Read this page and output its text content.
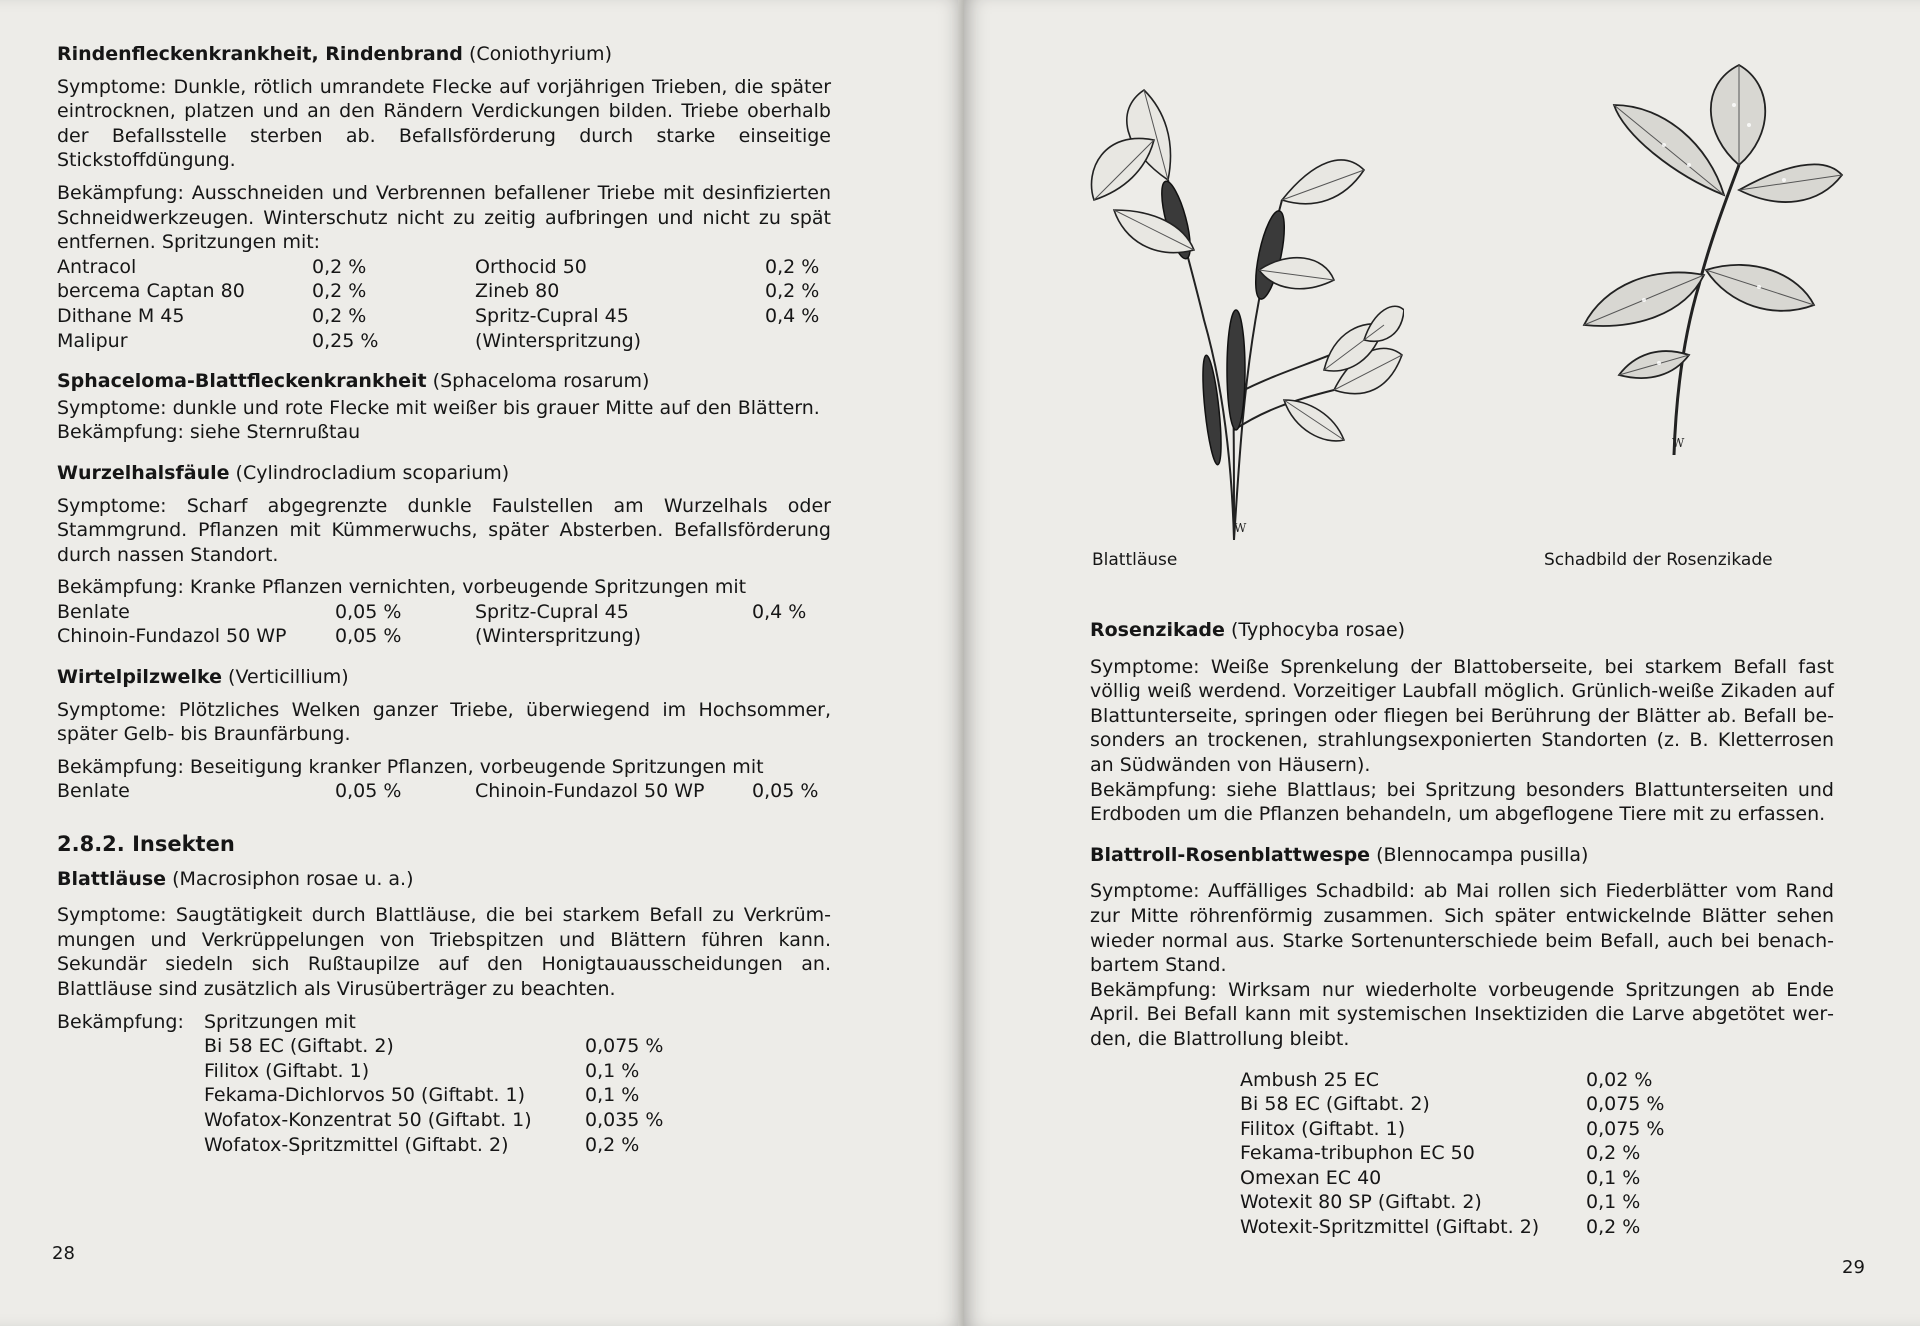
Rindenfleckenkrankheit, Rindenbrand (Coniothyrium)

Symptome: Dunkle, rötlich umrandete Flecke auf vorjährigen Trieben, die später eintrocknen, platzen und an den Rändern Verdickungen bilden. Triebe oberhalb der Befallsstelle sterben ab. Befallsförderung durch starke einseitige Stickstoffdüngung.

Bekämpfung: Ausschneiden und Verbrennen befallener Triebe mit desinfizierten Schneidwerkzeugen. Winterschutz nicht zu zeitig aufbringen und nicht zu spät entfernen. Spritzungen mit:

Antracol	0,2 %	Orthocid 50	0,2 %
bercema Captan 80	0,2 %	Zineb 80	0,2 %
Dithane M 45	0,2 %	Spritz-Cupral 45	0,4 %
Malipur	0,25 %	(Winterspritzung)
Sphaceloma-Blattfleckenkrankheit (Sphaceloma rosarum)

Symptome: dunkle und rote Flecke mit weißer bis grauer Mitte auf den Blättern.

Bekämpfung: siehe Sternrußtau

Wurzelhalsfäule (Cylindrocladium scoparium)

Symptome: Scharf abgegrenzte dunkle Faulstellen am Wurzelhals oder Stammgrund. Pflanzen mit Kümmerwuchs, später Absterben. Befallsförderung durch nassen Standort.

Bekämpfung: Kranke Pflanzen vernichten, vorbeugende Spritzungen mit

Benlate	0,05 %	Spritz-Cupral 45	0,4 %
Chinoin-Fundazol 50 WP	0,05 %	(Winterspritzung)
Wirtelpilzwelke (Verticillium)

Symptome: Plötzliches Welken ganzer Triebe, überwiegend im Hochsommer, später Gelb- bis Braunfärbung.

Bekämpfung: Beseitigung kranker Pflanzen, vorbeugende Spritzungen mit

Benlate	0,05 %	Chinoin-Fundazol 50 WP	0,05 %
2.8.2. Insekten
Blattläuse (Macrosiphon rosae u. a.)

Symptome: Saugtätigkeit durch Blattläuse, die bei starkem Befall zu Verkrümmungen und Verkrüppelungen von Triebspitzen und Blättern führen kann. Sekundär siedeln sich Rußtaupilze auf den Honigtauausscheidungen an. Blattläuse sind zusätzlich als Virusüberträger zu beachten.

Bekämpfung: Spritzungen mit
Bi 58 EC (Giftabt. 2)	0,075 %
Filitox (Giftabt. 1)	0,1 %
Fekama-Dichlorvos 50 (Giftabt. 1)	0,1 %
Wofatox-Konzentrat 50 (Giftabt. 1)	0,035 %
Wofatox-Spritzmittel (Giftabt. 2)	0,2 %
28
W
Blattläuse
W
Schadbild der Rosenzikade
Rosenzikade (Typhocyba rosae)

Symptome: Weiße Sprenkelung der Blattoberseite, bei starkem Befall fast völlig weiß werdend. Vorzeitiger Laubfall möglich. Grünlich-weiße Zikaden auf Blattunterseite, springen oder fliegen bei Berührung der Blätter ab. Befall besonders an trockenen, strahlungsexponierten Standorten (z. B. Kletterrosen an Südwänden von Häusern).

Bekämpfung: siehe Blattlaus; bei Spritzung besonders Blattunterseiten und Erdboden um die Pflanzen behandeln, um abgeflogene Tiere mit zu erfassen.

Blattroll-Rosenblattwespe (Blennocampa pusilla)

Symptome: Auffälliges Schadbild: ab Mai rollen sich Fiederblätter vom Rand zur Mitte röhrenförmig zusammen. Sich später entwickelnde Blätter sehen wieder normal aus. Starke Sortenunterschiede beim Befall, auch bei benachbartem Stand.

Bekämpfung: Wirksam nur wiederholte vorbeugende Spritzungen ab Ende April. Bei Befall kann mit systemischen Insektiziden die Larve abgetötet werden, die Blattrollung bleibt.

Ambush 25 EC	0,02 %
Bi 58 EC (Giftabt. 2)	0,075 %
Filitox (Giftabt. 1)	0,075 %
Fekama-tribuphon EC 50	0,2 %
Omexan EC 40	0,1 %
Wotexit 80 SP (Giftabt. 2)	0,1 %
Wotexit-Spritzmittel (Giftabt. 2) 0,2 %
29
